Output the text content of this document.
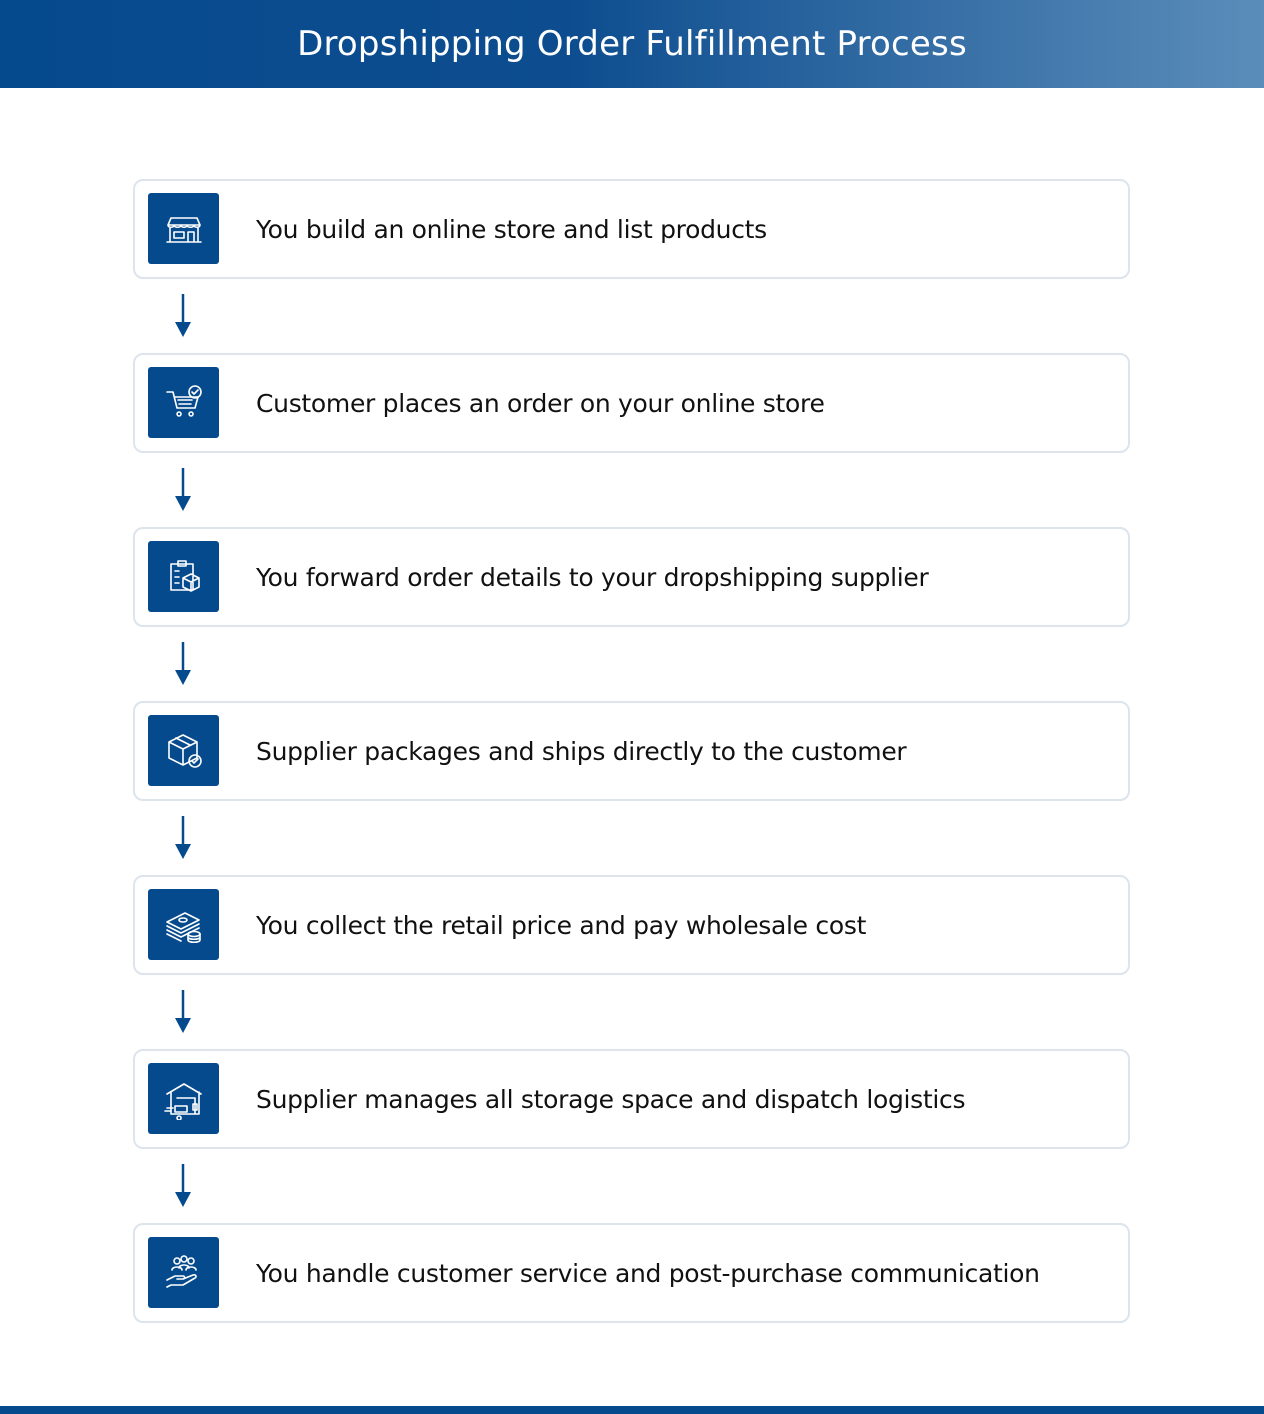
Dropshipping Order Fulfillment Process
You build an online store and list products
Customer places an order on your online store
You forward order details to your dropshipping supplier
Supplier packages and ships directly to the customer
You collect the retail price and pay wholesale cost
Supplier manages all storage space and dispatch logistics
You handle customer service and post-purchase communication
